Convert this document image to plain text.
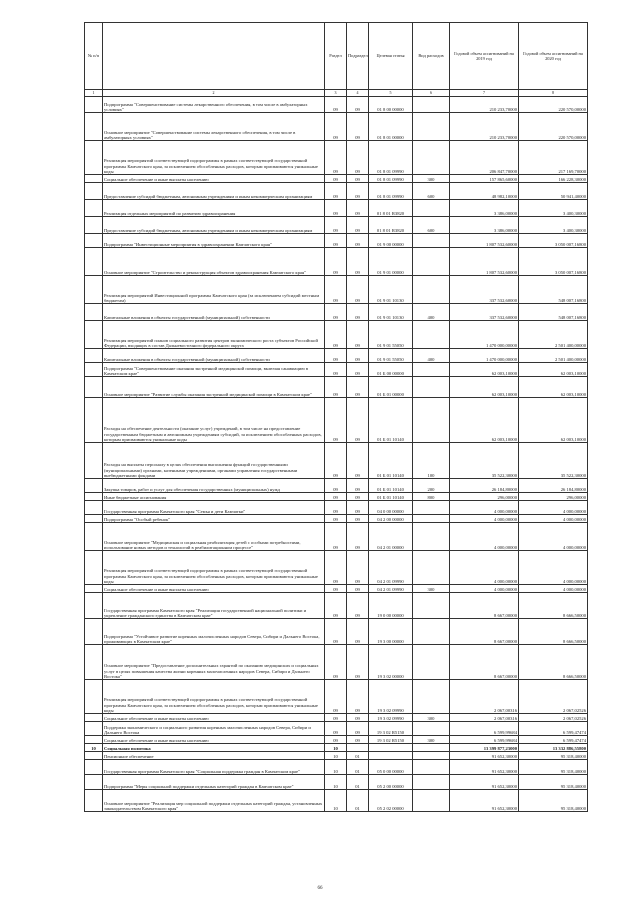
№ п/п		Раздел	Подраздел	Целевая статья	Вид расходов	Годовой объем ассигнований на 2019 год	Годовой объем ассигнований на 2020 год
1	2	3	4	5	6	7	8
	Подпрограмма "Совершенствование системы лекарственного обеспечения, в том числе в амбулаторных условиях"	09	09	01 8 00 00000		210 233,70000	220 570,00000
	Основное мероприятие "Совершенствование системы лекарственного обеспечения, в том числе в амбулаторных условиях"	09	09	01 8 01 00000		210 233,70000	220 570,00000
	Реализация мероприятий соответствующей подпрограммы в рамках соответствующей государственной программы Камчатского края, за исключением обособленных расходов, которым присваиваются уникальные коды	09	09	01 8 01 09990		206 847,70000	217 169,70000
	Социальное обеспечение и иные выплаты населению	09	09	01 8 01 09990	300	157 865,60000	166 228,30000
	Предоставление субсидий бюджетным, автономным учреждениям и иным некоммерческим организациям	09	09	01 8 01 09990	600	48 982,10000	50 941,40000
	Реализация отдельных мероприятий по развитию здравоохранения	09	09	01 8 01 R3820		3 386,00000	3 400,30000
	Предоставление субсидий бюджетным, автономным учреждениям и иным некоммерческим организациям	09	09	01 8 01 R3820	600	3 386,00000	3 400,30000
	Подпрограмма "Инвестиционные мероприятия в здравоохранении Камчатского края"	09	09	01 9 00 00000		1 807 532,60000	3 050 007,16800
	Основное мероприятие "Строительство и реконструкция объектов здравоохранения Камчатского края"	09	09	01 9 01 00000		1 807 532,60000	3 050 007,16800
	Реализация мероприятий Инвестиционной программы Камчатского края (за исключением субсидий местным бюджетам)	09	09	01 9 01 10130		337 532,60000	548 007,16800
	Капитальные вложения в объекты государственной (муниципальной) собственности	09	09	01 9 01 10130	400	337 532,60000	548 007,16800
	Реализация мероприятий планов социального развития центров экономического роста субъектов Российской Федерации, входящих в состав Дальневосточного федерального округа	09	09	01 9 01 55050		1 470 000,00000	2 501 400,00000
	Капитальные вложения в объекты государственной (муниципальной) собственности	09	09	01 9 01 55050	400	1 470 000,00000	2 501 400,00000
	Подпрограмма "Совершенствование оказания экстренной медицинской помощи, включая санавиацию в Камчатском крае"	09	09	01 Б 00 00000		62 003,10000	62 003,10000
	Основное мероприятие "Развитие службы оказания экстренной медицинской помощи в Камчатском крае"	09	09	01 Б 01 00000		62 003,10000	62 003,10000
	Расходы на обеспечение деятельности (оказание услуг) учреждений, в том числе на предоставление государственным бюджетным и автономным учреждениям субсидий, за исключением обособленных расходов, которым присваиваются уникальные коды	09	09	01 Б 01 10140		62 003,10000	62 003,10000
	Расходы на выплаты персоналу в целях обеспечения выполнения функций государственными (муниципальными) органами, казенными учреждениями, органами управления государственными внебюджетными фондами	09	09	01 Б 01 10140	100	35 522,30000	35 522,30000
	Закупка товаров, работ и услуг для обеспечения государственных (муниципальных) нужд	09	09	01 Б 01 10140	200	26 184,80000	26 184,80000
	Иные бюджетные ассигнования	09	09	01 Б 01 10140	800	296,00000	296,00000
	Государственная программа Камчатского края "Семья и дети Камчатки"	09	09	04 0 00 00000		4 000,00000	4 000,00000
	Подпрограмма "Особый ребенок"	09	09	04 2 00 00000		4 000,00000	4 000,00000
	Основное мероприятие "Медицинская и социальная реабилитация детей с особыми потребностями, использование новых методов и технологий в реабилитационном процессе"	09	09	04 2 01 00000		4 000,00000	4 000,00000
	Реализация мероприятий соответствующей подпрограммы в рамках соответствующей государственной программы Камчатского края, за исключением обособленных расходов, которым присваиваются уникальные коды	09	09	04 2 01 09990		4 000,00000	4 000,00000
	Социальное обеспечение и иные выплаты населению	09	09	04 2 01 09990	300	4 000,00000	4 000,00000
	Государственная программа Камчатского края "Реализация государственной национальной политики и укрепление гражданского единства в Камчатском крае"	09	09	19 0 00 00000		8 667,00000	8 666,50000
	Подпрограмма "Устойчивое развитие коренных малочисленных народов Севера, Сибири и Дальнего Востока, проживающих в Камчатском крае"	09	09	19 3 00 00000		8 667,00000	8 666,50000
	Основное мероприятие "Предоставление дополнительных гарантий по оказанию медицинских и социальных услуг в целях повышения качества жизни коренных малочисленных народов Севера, Сибири и Дальнего Востока"	09	09	19 3 02 00000		8 667,00000	8 666,50000
	Реализация мероприятий соответствующей подпрограммы в рамках соответствующей государственной программы Камчатского края, за исключением обособленных расходов, которым присваиваются уникальные коды	09	09	19 3 02 09990		2 067,00316	2 067,02526
	Социальное обеспечение и иные выплаты населению	09	09	19 3 02 09990	300	2 067,00316	2 067,02526
	Поддержка экономического и социального развития коренных малочисленных народов Севера, Сибири и Дальнего Востока	09	09	19 3 02 R5150		6 599,99684	6 599,47474
	Социальное обеспечение и иные выплаты населению	09	09	19 3 02 R5150	300	6 599,99684	6 599,47474
10	Социальная политика	10				13 399 877,23000	13 332 886,55800
	Пенсионное обеспечение	10	01			91 652,30000	95 318,40000
	Государственная программа Камчатского края "Социальная поддержка граждан в Камчатском крае"	10	01	05 0 00 00000		91 652,30000	95 318,40000
	Подпрограмма "Меры социальной поддержки отдельных категорий граждан в Камчатском крае"	10	01	05 2 00 00000		91 652,30000	95 318,40000
	Основное мероприятие "Реализация мер социальной поддержки отдельных категорий граждан, установленных законодательством Камчатского края"	10	01	05 2 02 00000		91 652,30000	95 318,40000
66
